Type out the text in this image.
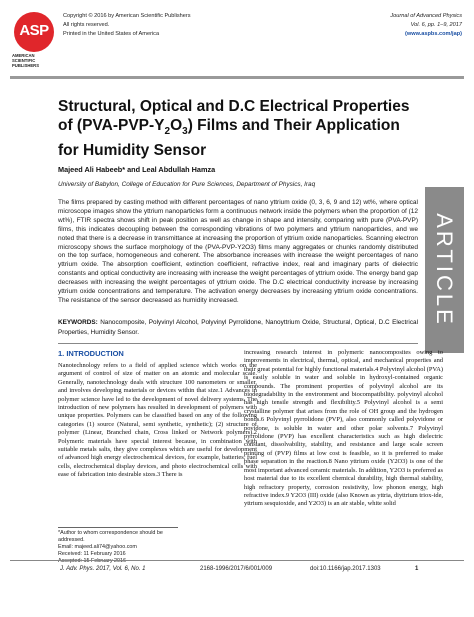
ASP
AMERICAN SCIENTIFIC PUBLISHERS
Copyright © 2016 by American Scientific Publishers
All rights reserved.
Printed in the United States of America
Journal of Advanced Physics
Vol. 6, pp. 1–9, 2017
(www.aspbs.com/jap)
Structural, Optical and D.C Electrical Properties of $(PVA-PVP-Y_2O_3)$ Films and Their Application for Humidity Sensor
Majeed Ali Habeeb* and Leal Abdullah Hamza
University of Babylon, College of Education for Pure Sciences, Department of Physics, Iraq
The films prepared by casting method with different percentages of nano yttrium oxide (0, 3, 6, 9 and 12) wt%, where optical microscope images show the yttrium nanoparticles form a continuous network inside the polymers when the proportion of (12 wt%), FTIR spectra shows shift in peak position as well as change in shape and intensity, comparing with pure (PVA-PVP) films, this indicates decoupling between the corresponding vibrations of two polymers and yttrium nanoparticles, and we noted that there is a decrease in transmittance at increasing the proportion of yttrium oxide nanoparticles. Scanning electron microscopy shows the surface morphology of the (PVA-PVP-Y2O3) films many aggregates or chunks randomly distributed on the top surface, homogeneous and coherent. The absorbance increases with increase the weight percentages of nano yttrium oxide. The absorption coefficient, extinction coefficient, refractive index, real and imaginary parts of dielectric constants and optical conductivity are increasing with increase the weight percentages of yttrium oxide. The energy band gap decreases with increasing the weight percentages of yttrium oxide. The D.C electrical conductivity increase by increasing yttrium oxide concentrations and temperature. The activation energy decreases by increasing yttrium oxide concentrations. The resistance of the sensor decreased as humidity increased.
KEYWORDS: Nanocomposite, Polyvinyl Alcohol, Polyvinyl Pyrrolidone, Nanoyttrium Oxide, Structural, Optical, D.C Electrical Properties, Humidity Sensor.
ARTICLE
1. INTRODUCTION
Nanotechnology refers to a field of applied science which works on the argument of control of size of matter on an atomic and molecular scale. Generally, nanotechnology deals with structure 100 nanometers or smaller, and involves developing materials or devices within that size.1 Advances in polymer science have led to the development of novel delivery systems. The introduction of new polymers has resulted in development of polymers with unique properties. Polymers can be classified based on any of the following categories (1) source (Natural, semi synthetic, synthetic); (2) structure of polymer (Linear, Branched chain, Cross linked or Network polymers).2 Polymeric materials have special interest because, in combination with suitable metals salts, they give complexes which are useful for development of advanced high energy electrochemical devices, for example, batteries, fuel cells, electrochemical display devices, and photo electrochemical cells with ease of fabrication into desirable sizes.3 There is
increasing research interest in polymeric nanocomposites owing to improvements in electrical, thermal, optical, and mechanical properties and their great potential for highly functional materials.4 Polyvinyl alcohol (PVA) is easily soluble in water and soluble in hydroxyl-contained organic compounds. The prominent properties of polyvinyl alcohol are its biodegradability in the environment and biocompatibility. polyvinyl alcohol has high tensile strength and flexibility.5 Polyvinyl alcohol is a semi crystalline polymer that arises from the role of OH group and the hydrogen bonds.6 Polyvinyl pyrrolidone (PVP), also commonly called polyvidone or povidone, is soluble in water and other polar solvents.7 Polyvinyl pyrrolidone (PVP) has excellent characteristics such as high dielectric constant, dissolvability, stability, and resistance and large scale screen printing of (PVP) films at low cost is feasible, so it is preferred to make phase separation in the reaction.8 Nano yttrium oxide (Y2O3) is one of the most important advanced ceramic materials. In addition, Y2O3 is preferred as host material due to its excellent chemical durability, high thermal stability, high refractory property, corrosion resistivity, low phonon energy, high refractive index.9 Y2O3 (III) oxide (also Known as yttria, diyttrium triox-ide, yttrium sesquioxide, and Y2O3) is an air stable, white solid
*Author to whom correspondence should be addressed.
Email: majeed.ali74@yahoo.com
Received: 11 February 2016
Accepted: 15 February 2016
J. Adv. Phys. 2017, Vol. 6, No. 1	2168-1996/2017/6/001/009	doi:10.1166/jap.2017.1303	1
